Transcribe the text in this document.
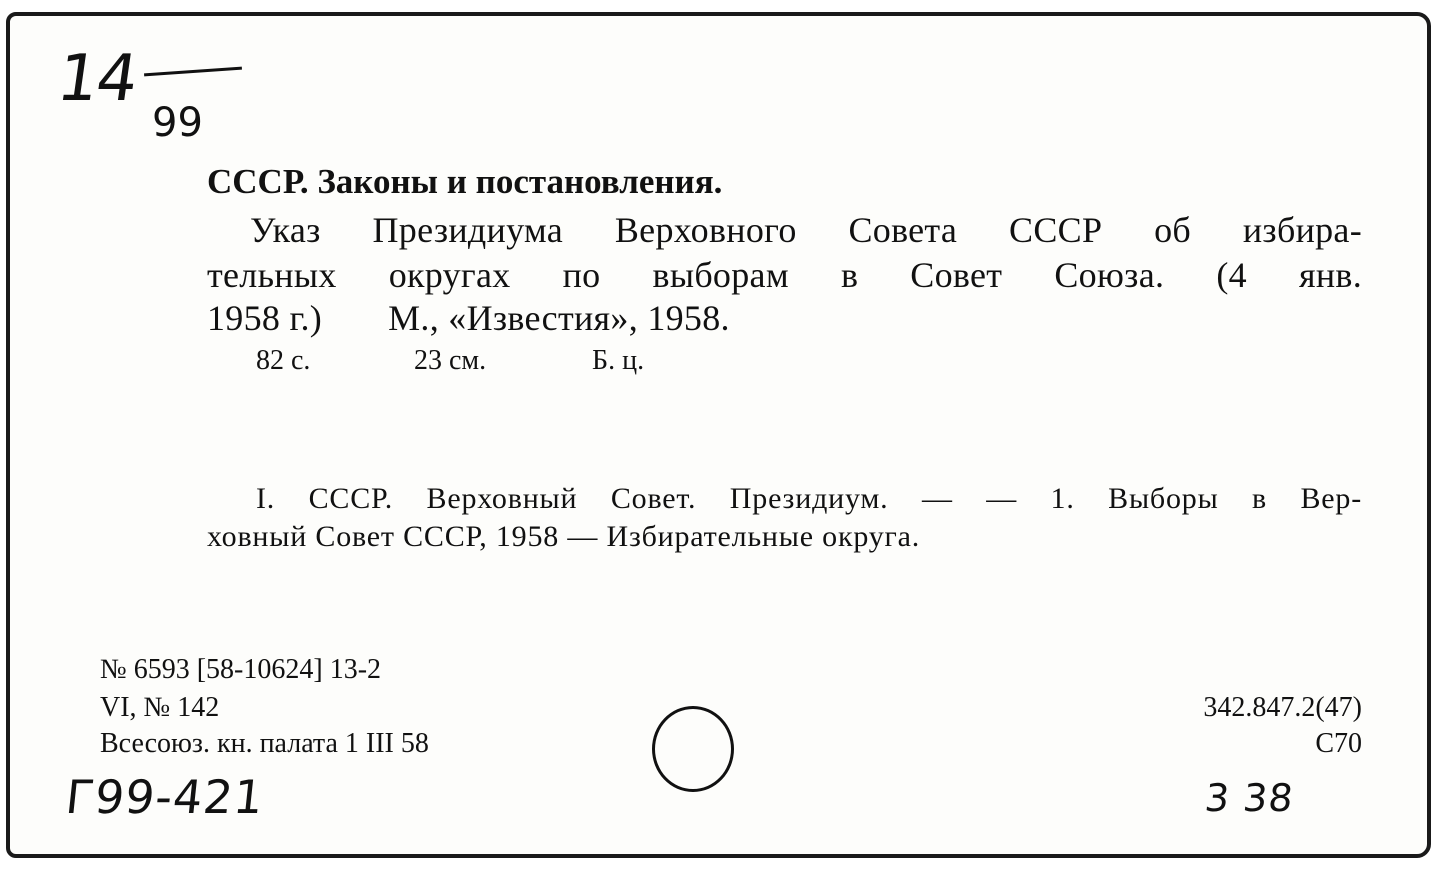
14
99
СССР. Законы и постановления.
Указ Президиума Верховного Совета СССР об избира-
тельных округах по выборам в Совет Союза. (4 янв.
1958 г.) М., «Известия», 1958.
82 с.	23 см.	Б. ц.
I. СССР. Верховный Совет. Президиум. — — 1. Выборы в Вер-
ховный Совет СССР, 1958 — Избирательные округа.
№ 6593 [58-10624] 13-2
VI, № 142
Всесоюз. кн. палата 1 III 58
342.847.2(47)
С70
Г99-421	3 38
